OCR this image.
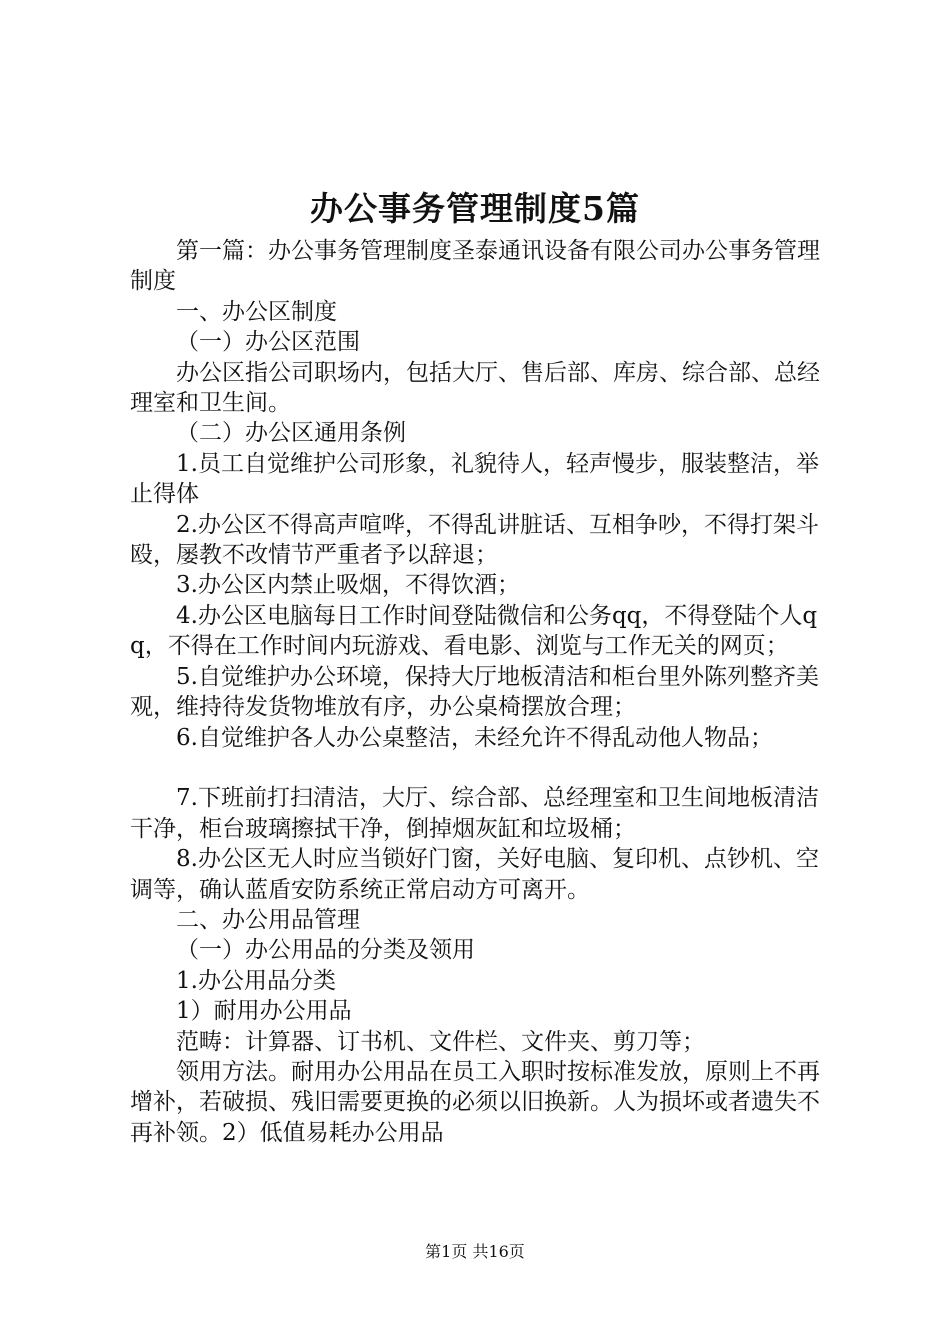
办公事务管理制度5篇

第一篇：办公事务管理制度圣泰通讯设备有限公司办公事务管理制度

一、办公区制度

（一）办公区范围

办公区指公司职场内，包括大厅、售后部、库房、综合部、总经理室和卫生间。

（二）办公区通用条例

1.员工自觉维护公司形象，礼貌待人，轻声慢步，服装整洁，举止得体

2.办公区不得高声喧哗，不得乱讲脏话、互相争吵，不得打架斗殴，屡教不改情节严重者予以辞退；

3.办公区内禁止吸烟，不得饮酒；

4.办公区电脑每日工作时间登陆微信和公务qq，不得登陆个人qq，不得在工作时间内玩游戏、看电影、浏览与工作无关的网页；

5.自觉维护办公环境，保持大厅地板清洁和柜台里外陈列整齐美观，维持待发货物堆放有序，办公桌椅摆放合理；

6.自觉维护各人办公桌整洁，未经允许不得乱动他人物品；

7.下班前打扫清洁，大厅、综合部、总经理室和卫生间地板清洁干净，柜台玻璃擦拭干净，倒掉烟灰缸和垃圾桶；

8.办公区无人时应当锁好门窗，关好电脑、复印机、点钞机、空调等，确认蓝盾安防系统正常启动方可离开。

二、办公用品管理

（一）办公用品的分类及领用

1.办公用品分类

1）耐用办公用品

范畴：计算器、订书机、文件栏、文件夹、剪刀等；

领用方法。耐用办公用品在员工入职时按标准发放，原则上不再增补，若破损、残旧需要更换的必须以旧换新。人为损坏或者遗失不再补领。2）低值易耗办公用品

第1页 共16页
